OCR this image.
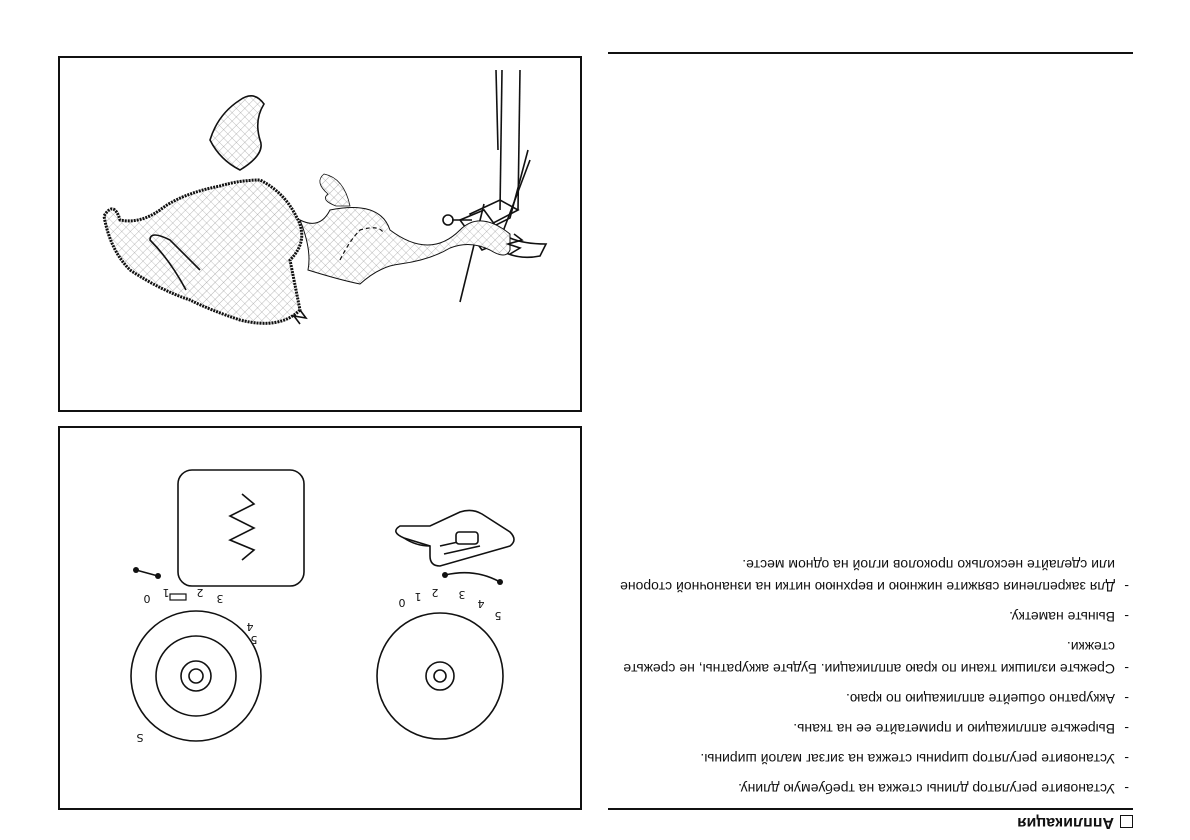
Аппликация
- Установите регулятор длины стежка на требуемую длину.
- Установите регулятор ширины стежка на зигзаг малой ширины.
- Вырежьте аппликацию и приметайте ее на ткань.
- Аккуратно обшейте аппликацию по краю.
- Срежьте излишки ткани по краю аппликации. Будьте аккуратны, не срежьте стежки.
- Выньте наметку.
- Для закрепления свяжите нижнюю и верхнюю нитки на изнаночной стороне или сделайте несколько проколов иглой на одном месте.
5
4
3
2
1
0
0 1 2 3
4
5
S
